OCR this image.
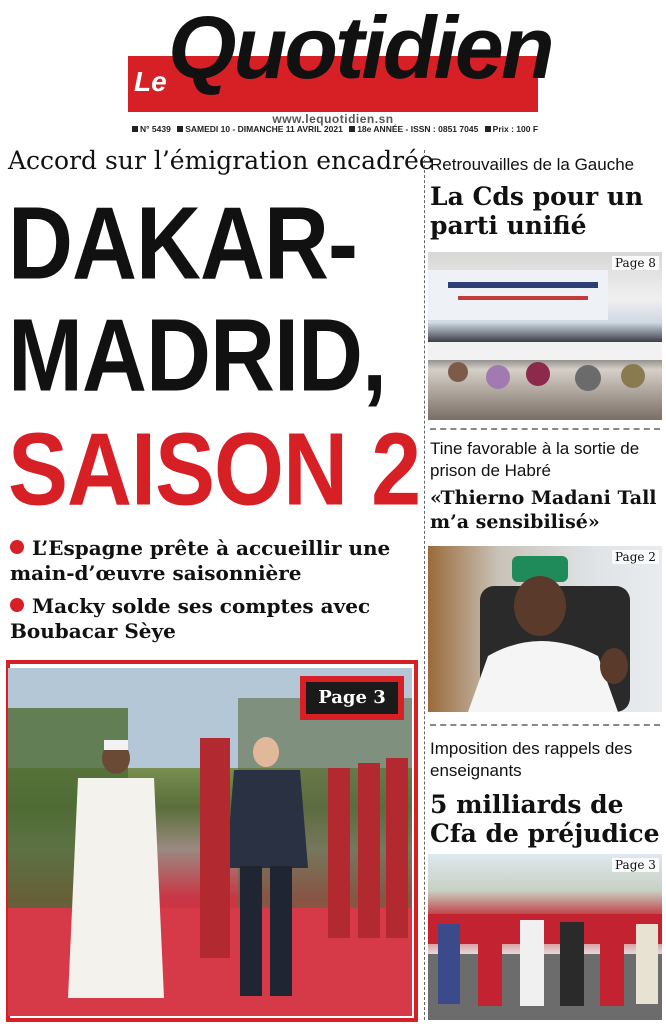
Le Quotidien
www.lequotidien.sn
N° 5439 SAMEDI 10 - DIMANCHE 11 AVRIL 2021 18e ANNÉE - ISSN : 0851 7045 Prix : 100 F
Accord sur l’émigration encadrée
DAKAR-
MADRID,
SAISON 2
L’Espagne prête à accueillir une main-d’œuvre saisonnière
Macky solde ses comptes avec Boubacar Sèye
Page 3
Retrouvailles de la Gauche
La Cds pour un parti unifié
Page 8
Tine favorable à la sortie de prison de Habré
«Thierno Madani Tall m’a sensibilisé»
Page 2
Imposition des rappels des enseignants
5 milliards de Cfa de préjudice
Page 3
